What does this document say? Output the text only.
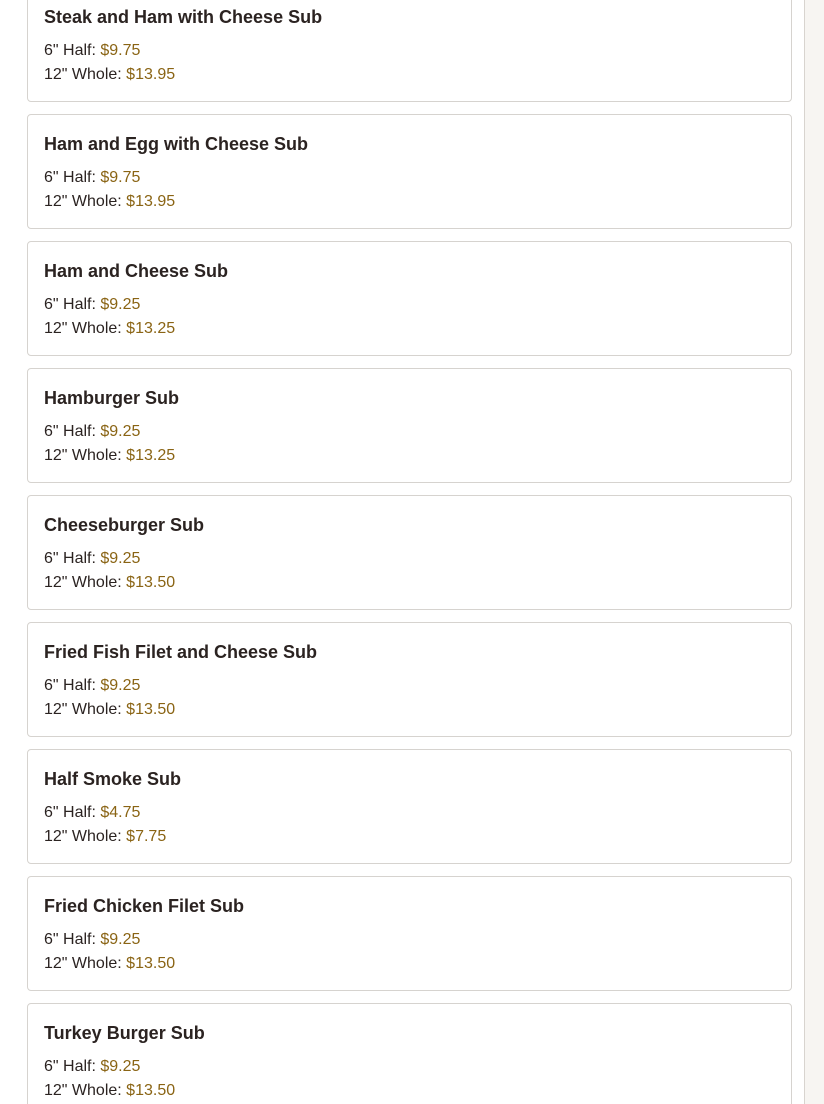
Steak and Ham with Cheese Sub
6" Half: $9.75
12" Whole: $13.95
Ham and Egg with Cheese Sub
6" Half: $9.75
12" Whole: $13.95
Ham and Cheese Sub
6" Half: $9.25
12" Whole: $13.25
Hamburger Sub
6" Half: $9.25
12" Whole: $13.25
Cheeseburger Sub
6" Half: $9.25
12" Whole: $13.50
Fried Fish Filet and Cheese Sub
6" Half: $9.25
12" Whole: $13.50
Half Smoke Sub
6" Half: $4.75
12" Whole: $7.75
Fried Chicken Filet Sub
6" Half: $9.25
12" Whole: $13.50
Turkey Burger Sub
6" Half: $9.25
12" Whole: $13.50
